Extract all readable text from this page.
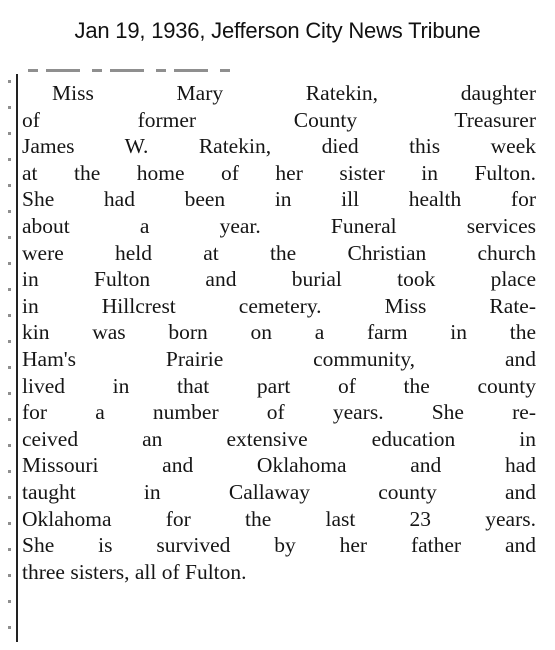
Jan 19, 1936, Jefferson City News Tribune
Miss Mary Ratekin, daughter
of former County Treasurer
James W. Ratekin, died this week
at the home of her sister in Fulton.
She had been in ill health for
about a year. Funeral services
were held at the Christian church
in Fulton and burial took place
in Hillcrest cemetery. Miss Rate-
kin was born on a farm in the
Ham's Prairie community, and
lived in that part of the county
for a number of years. She re-
ceived an extensive education in
Missouri and Oklahoma and had
taught in Callaway county and
Oklahoma for the last 23 years.
She is survived by her father and
three sisters, all of Fulton.
